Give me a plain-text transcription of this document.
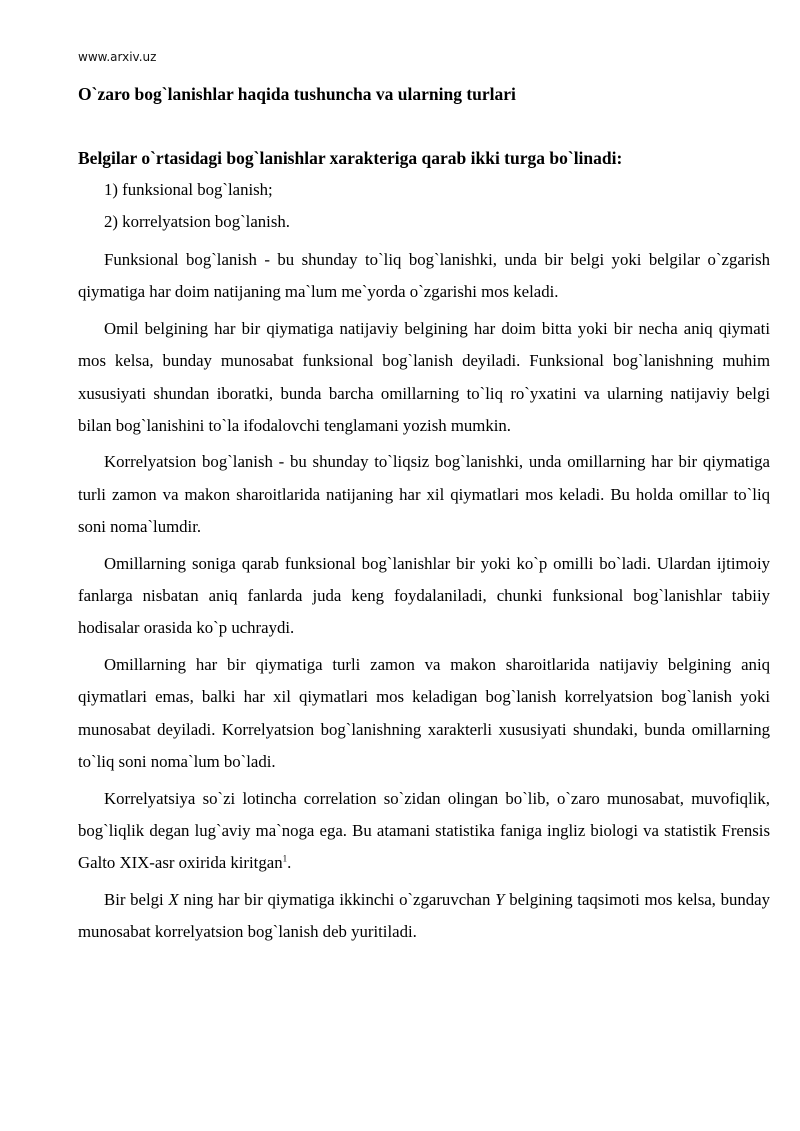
www.arxiv.uz

O`zaro bog`lanishlar haqida tushuncha va ularning turlari

Belgilar o`rtasidagi bog`lanishlar xarakteriga qarab ikki turga bo`linadi:

1) funksional bog`lanish;

2) korrelyatsion bog`lanish.

Funksional bog`lanish - bu shunday to`liq bog`lanishki, unda bir belgi yoki belgilar o`zgarish qiymatiga har doim natijaning ma`lum me`yorda o`zgarishi mos keladi.

Omil belgining har bir qiymatiga natijaviy belgining har doim bitta yoki bir necha aniq qiymati mos kelsa, bunday munosabat funksional bog`lanish deyiladi. Funksional bog`lanishning muhim xususiyati shundan iboratki, bunda barcha omillarning to`liq ro`yxatini va ularning natijaviy belgi bilan bog`lanishini to`la ifodalovchi tenglamani yozish mumkin.

Korrelyatsion bog`lanish - bu shunday to`liqsiz bog`lanishki, unda omillarning har bir qiymatiga turli zamon va makon sharoitlarida natijaning har xil qiymatlari mos keladi. Bu holda omillar to`liq soni noma`lumdir.

Omillarning soniga qarab funksional bog`lanishlar bir yoki ko`p omilli bo`ladi. Ulardan ijtimoiy fanlarga nisbatan aniq fanlarda juda keng foydalaniladi, chunki funksional bog`lanishlar tabiiy hodisalar orasida ko`p uchraydi.

Omillarning har bir qiymatiga turli zamon va makon sharoitlarida natijaviy belgining aniq qiymatlari emas, balki har xil qiymatlari mos keladigan bog`lanish korrelyatsion bog`lanish yoki munosabat deyiladi. Korrelyatsion bog`lanishning xarakterli xususiyati shundaki, bunda omillarning to`liq soni noma`lum bo`ladi.

Korrelyatsiya so`zi lotincha correlation so`zidan olingan bo`lib, o`zaro munosabat, muvofiqlik, bog`liqlik degan lug`aviy ma`noga ega. Bu atamani statistika faniga ingliz biologi va statistik Frensis Galto XIX-asr oxirida kiritgan$^1$.

Bir belgi X ning har bir qiymatiga ikkinchi o`zgaruvchan Y belgining taqsimoti mos kelsa, bunday munosabat korrelyatsion bog`lanish deb yuritiladi.
